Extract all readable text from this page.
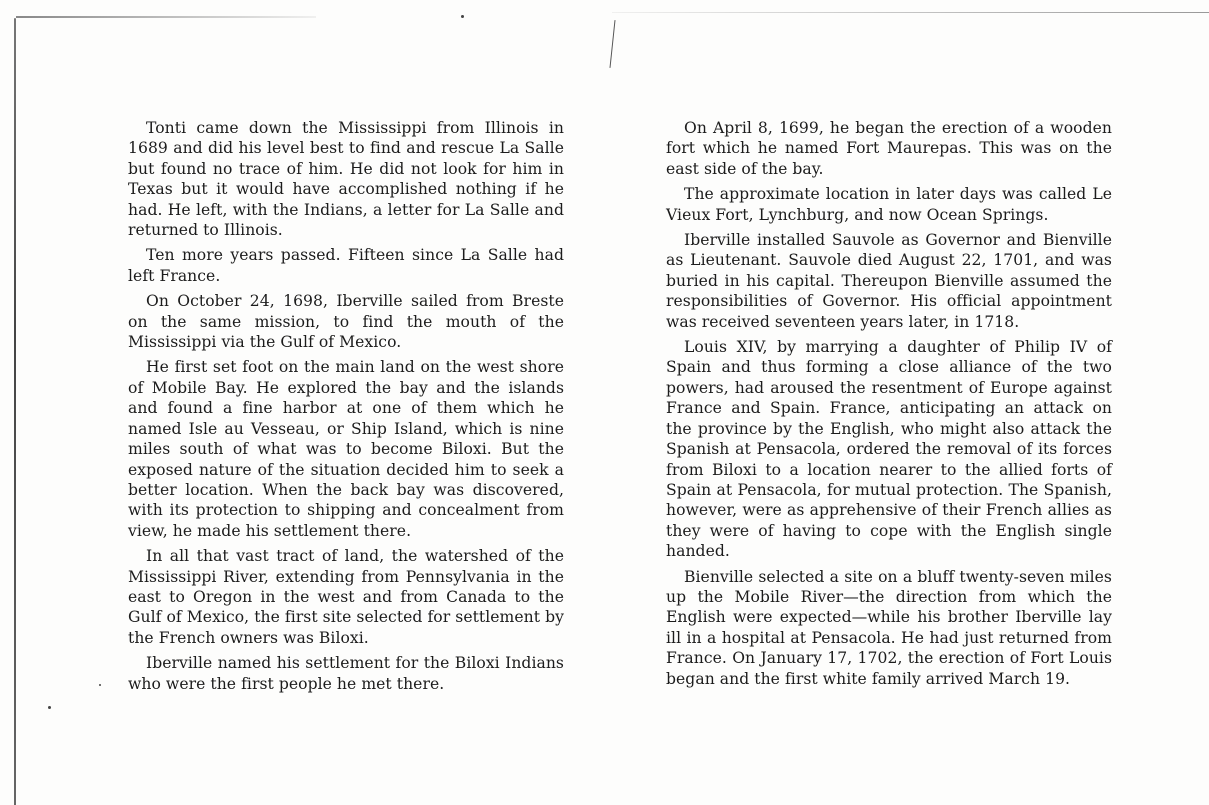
Tonti came down the Mississippi from Illinois in 1689 and did his level best to find and rescue La Salle but found no trace of him. He did not look for him in Texas but it would have accomplished nothing if he had. He left, with the Indians, a letter for La Salle and returned to Illinois.

Ten more years passed. Fifteen since La Salle had left France.

On October 24, 1698, Iberville sailed from Breste on the same mission, to find the mouth of the Mississippi via the Gulf of Mexico.

He first set foot on the main land on the west shore of Mobile Bay. He explored the bay and the islands and found a fine harbor at one of them which he named Isle au Vesseau, or Ship Island, which is nine miles south of what was to become Biloxi. But the exposed nature of the situation decided him to seek a better location. When the back bay was discovered, with its protection to shipping and concealment from view, he made his settlement there.

In all that vast tract of land, the watershed of the Mississippi River, extending from Pennsylvania in the east to Oregon in the west and from Canada to the Gulf of Mexico, the first site selected for settlement by the French owners was Biloxi.

Iberville named his settlement for the Biloxi Indians who were the first people he met there.

On April 8, 1699, he began the erection of a wooden fort which he named Fort Maurepas. This was on the east side of the bay.

The approximate location in later days was called Le Vieux Fort, Lynchburg, and now Ocean Springs.

Iberville installed Sauvole as Governor and Bienville as Lieutenant. Sauvole died August 22, 1701, and was buried in his capital. Thereupon Bienville assumed the responsibilities of Governor. His official appointment was received seventeen years later, in 1718.

Louis XIV, by marrying a daughter of Philip IV of Spain and thus forming a close alliance of the two powers, had aroused the resentment of Europe against France and Spain. France, anticipating an attack on the province by the English, who might also attack the Spanish at Pensacola, ordered the removal of its forces from Biloxi to a location nearer to the allied forts of Spain at Pensacola, for mutual protection. The Spanish, however, were as apprehensive of their French allies as they were of having to cope with the English single handed.

Bienville selected a site on a bluff twenty-seven miles up the Mobile River—the direction from which the English were expected—while his brother Iberville lay ill in a hospital at Pensacola. He had just returned from France. On January 17, 1702, the erection of Fort Louis began and the first white family arrived March 19.
